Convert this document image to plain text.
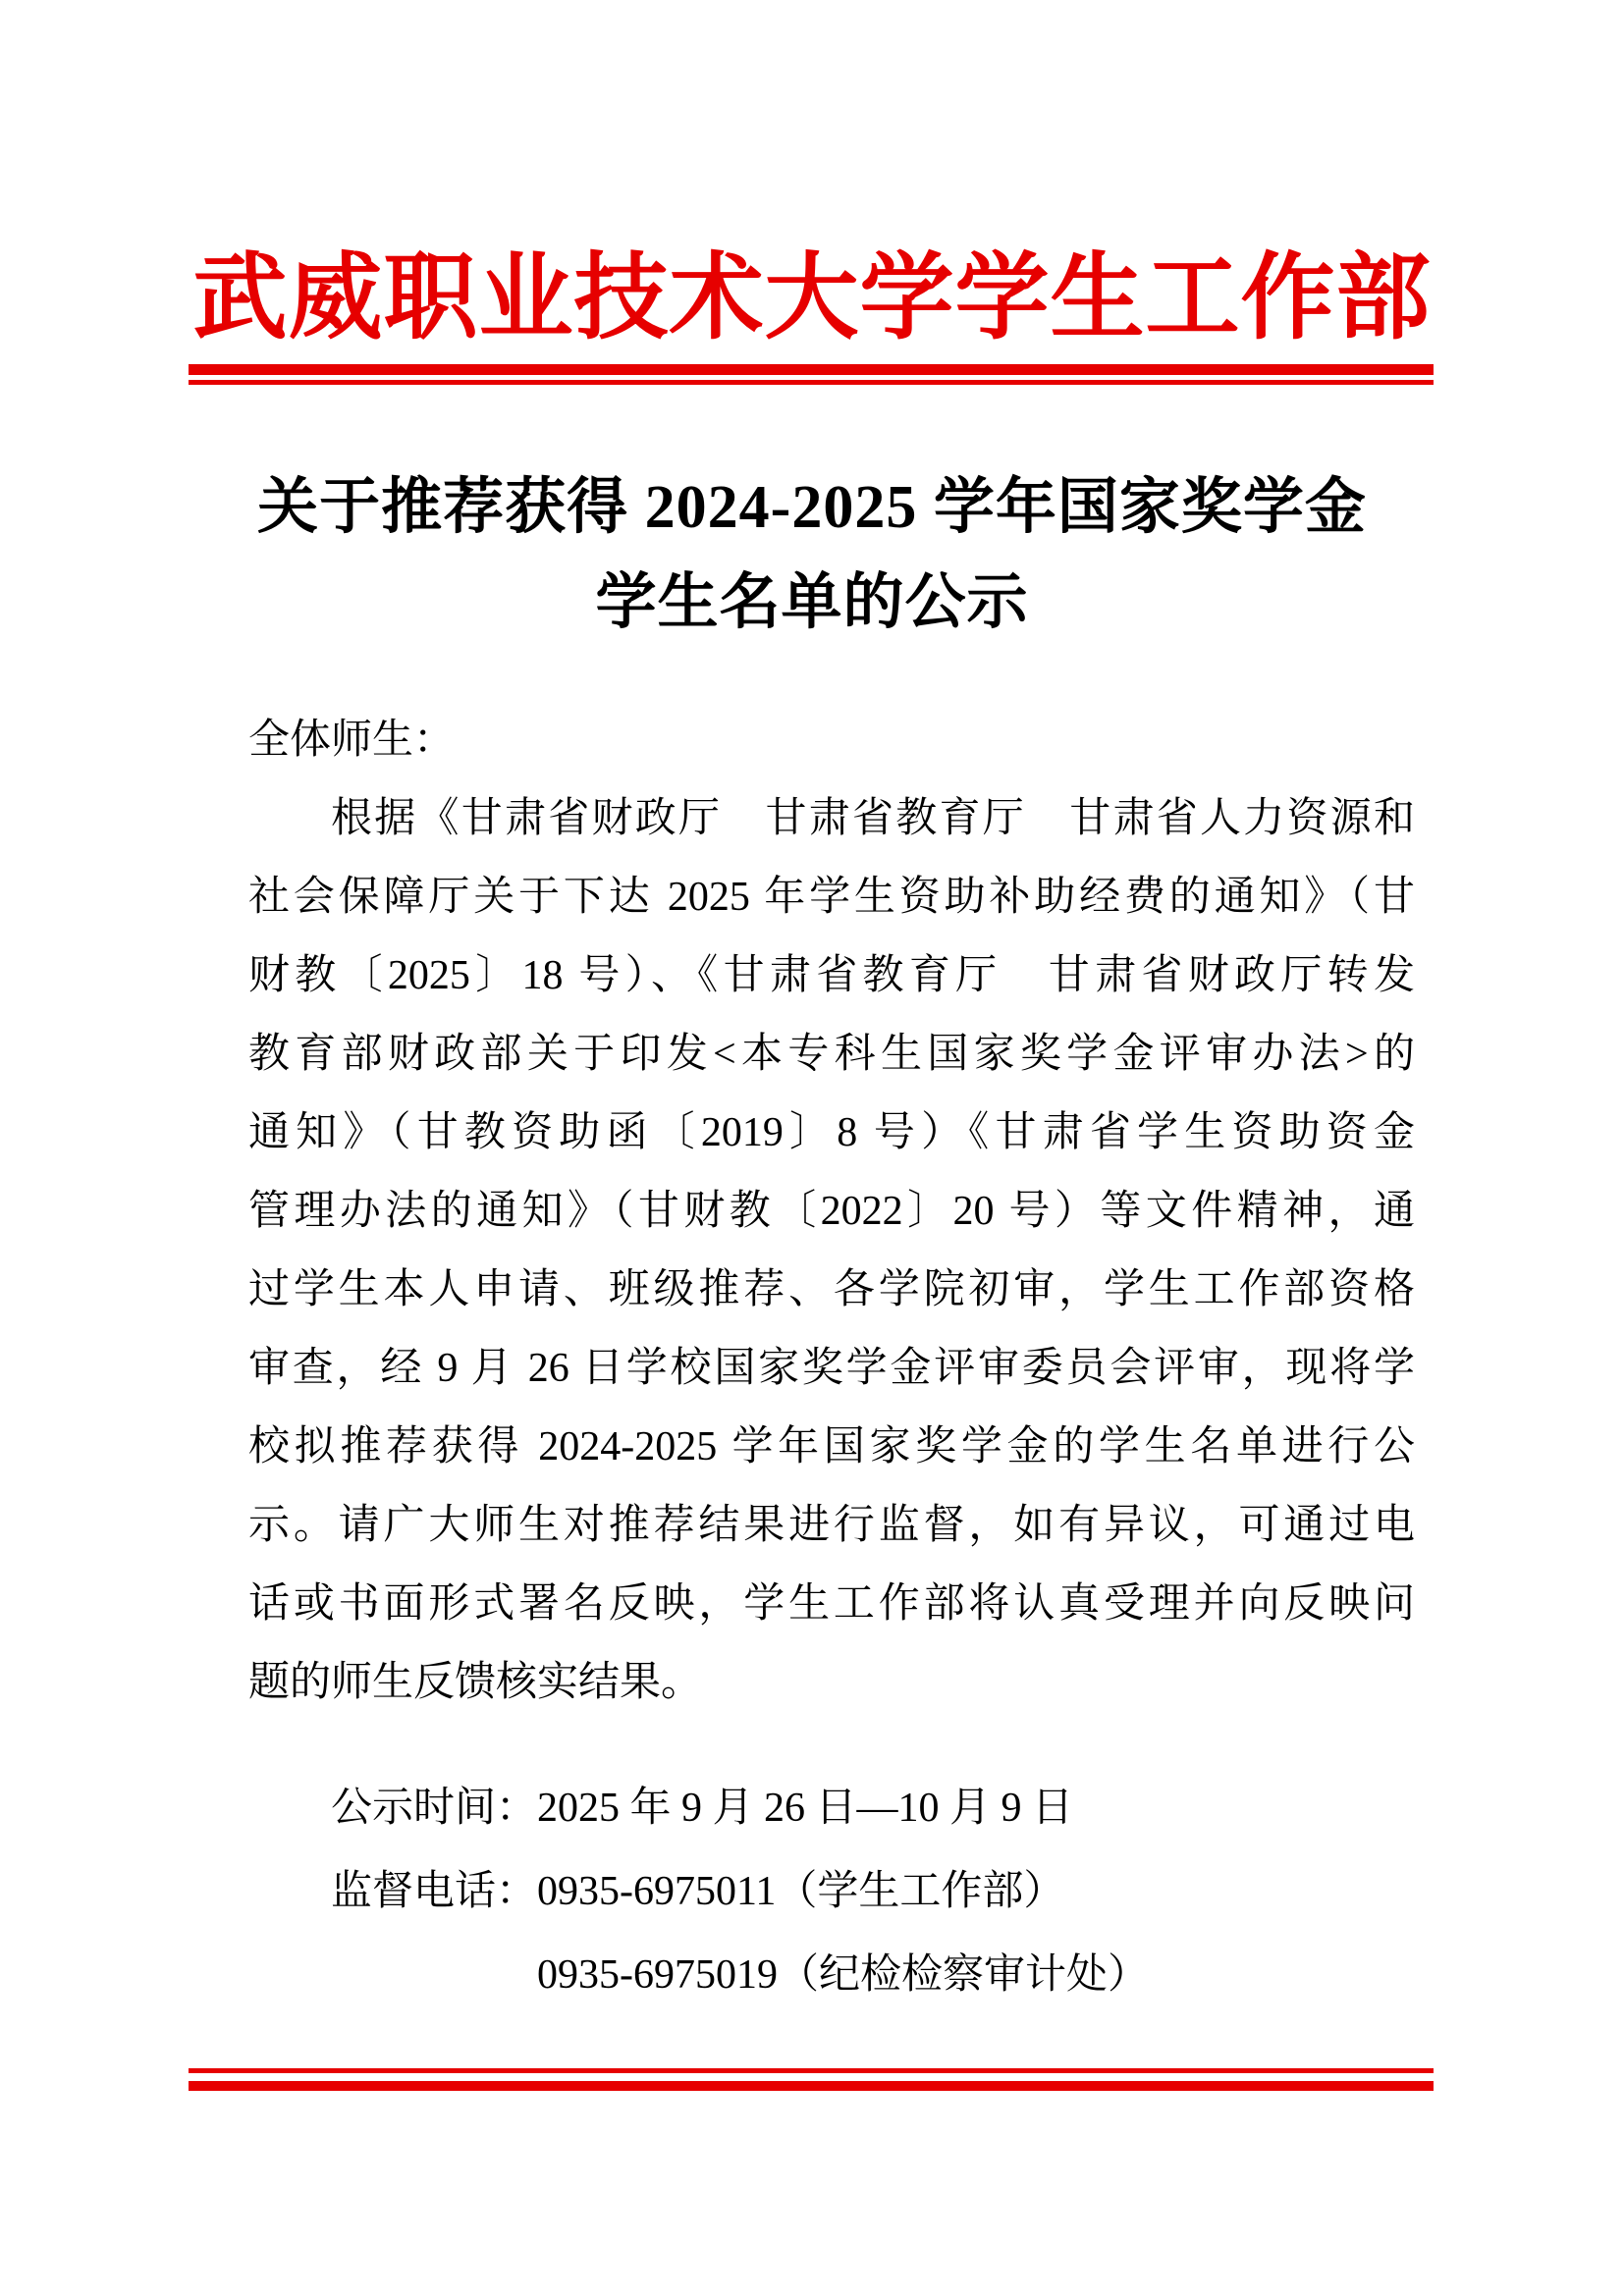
武威职业技术大学学生工作部
关于推荐获得 2024-2025 学年国家奖学金
学生名单的公示
全体师生：
根据《甘肃省财政厅　甘肃省教育厅　甘肃省人力资源和
社会保障厅关于下达 2025 年学生资助补助经费的通知》（甘
财教〔2025〕18 号）、《甘肃省教育厅　甘肃省财政厅转发
教育部财政部关于印发<本专科生国家奖学金评审办法>的
通知》（甘教资助函〔2019〕8 号）《甘肃省学生资助资金
管理办法的通知》（甘财教〔2022〕20 号）等文件精神，通
过学生本人申请、班级推荐、各学院初审，学生工作部资格
审查，经 9 月 26 日学校国家奖学金评审委员会评审，现将学
校拟推荐获得 2024-2025 学年国家奖学金的学生名单进行公
示。请广大师生对推荐结果进行监督，如有异议，可通过电
话或书面形式署名反映，学生工作部将认真受理并向反映问
题的师生反馈核实结果。
公示时间：2025 年 9 月 26 日—10 月 9 日
监督电话：0935-6975011（学生工作部）
0935-6975019（纪检检察审计处）
